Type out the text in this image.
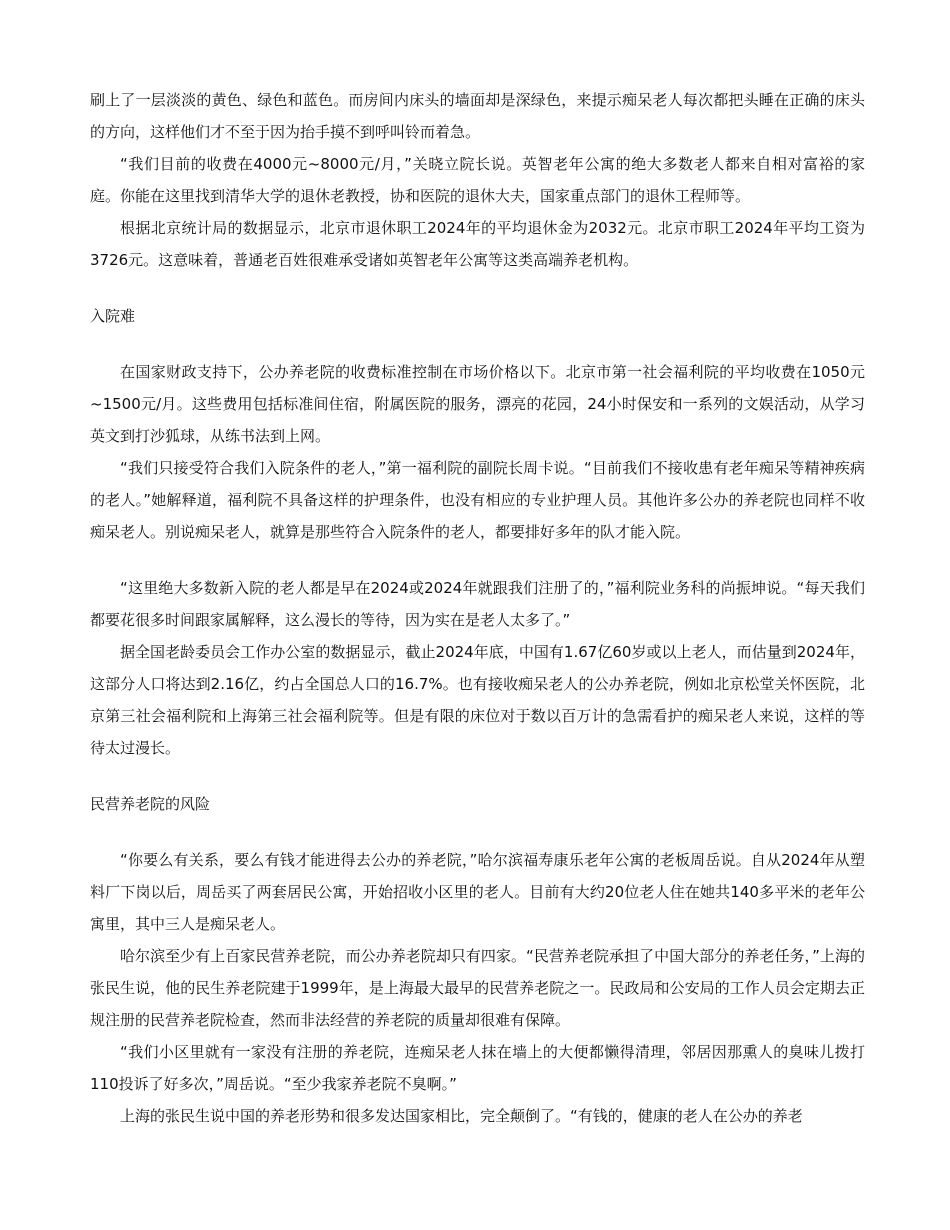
刷上了一层淡淡的黄色、绿色和蓝色。而房间内床头的墙面却是深绿色，来提示痴呆老人每次都把头睡在正确的床头的方向，这样他们才不至于因为抬手摸不到呼叫铃而着急。

“我们目前的收费在4000元~8000元/月，”关晓立院长说。英智老年公寓的绝大多数老人都来自相对富裕的家庭。你能在这里找到清华大学的退休老教授，协和医院的退休大夫，国家重点部门的退休工程师等。

根据北京统计局的数据显示，北京市退休职工2024年的平均退休金为2032元。北京市职工2024年平均工资为3726元。这意味着，普通老百姓很难承受诸如英智老年公寓等这类高端养老机构。

入院难

在国家财政支持下，公办养老院的收费标准控制在市场价格以下。北京市第一社会福利院的平均收费在1050元~1500元/月。这些费用包括标准间住宿，附属医院的服务，漂亮的花园，24小时保安和一系列的文娱活动，从学习英文到打沙狐球，从练书法到上网。

“我们只接受符合我们入院条件的老人，”第一福利院的副院长周卡说。“目前我们不接收患有老年痴呆等精神疾病的老人。”她解释道，福利院不具备这样的护理条件，也没有相应的专业护理人员。其他许多公办的养老院也同样不收痴呆老人。别说痴呆老人，就算是那些符合入院条件的老人，都要排好多年的队才能入院。

“这里绝大多数新入院的老人都是早在2024或2024年就跟我们注册了的，”福利院业务科的尚振坤说。“每天我们都要花很多时间跟家属解释，这么漫长的等待，因为实在是老人太多了。”

据全国老龄委员会工作办公室的数据显示，截止2024年底，中国有1.67亿60岁或以上老人，而估量到2024年，这部分人口将达到2.16亿，约占全国总人口的16.7%。也有接收痴呆老人的公办养老院，例如北京松堂关怀医院，北京第三社会福利院和上海第三社会福利院等。但是有限的床位对于数以百万计的急需看护的痴呆老人来说，这样的等待太过漫长。

民营养老院的风险

“你要么有关系，要么有钱才能进得去公办的养老院，”哈尔滨福寿康乐老年公寓的老板周岳说。自从2024年从塑料厂下岗以后，周岳买了两套居民公寓，开始招收小区里的老人。目前有大约20位老人住在她共140多平米的老年公寓里，其中三人是痴呆老人。

哈尔滨至少有上百家民营养老院，而公办养老院却只有四家。“民营养老院承担了中国大部分的养老任务，”上海的张民生说，他的民生养老院建于1999年，是上海最大最早的民营养老院之一。民政局和公安局的工作人员会定期去正规注册的民营养老院检查，然而非法经营的养老院的质量却很难有保障。

“我们小区里就有一家没有注册的养老院，连痴呆老人抹在墙上的大便都懒得清理，邻居因那熏人的臭味儿拨打110投诉了好多次，”周岳说。“至少我家养老院不臭啊。”

上海的张民生说中国的养老形势和很多发达国家相比，完全颠倒了。“有钱的，健康的老人在公办的养老
